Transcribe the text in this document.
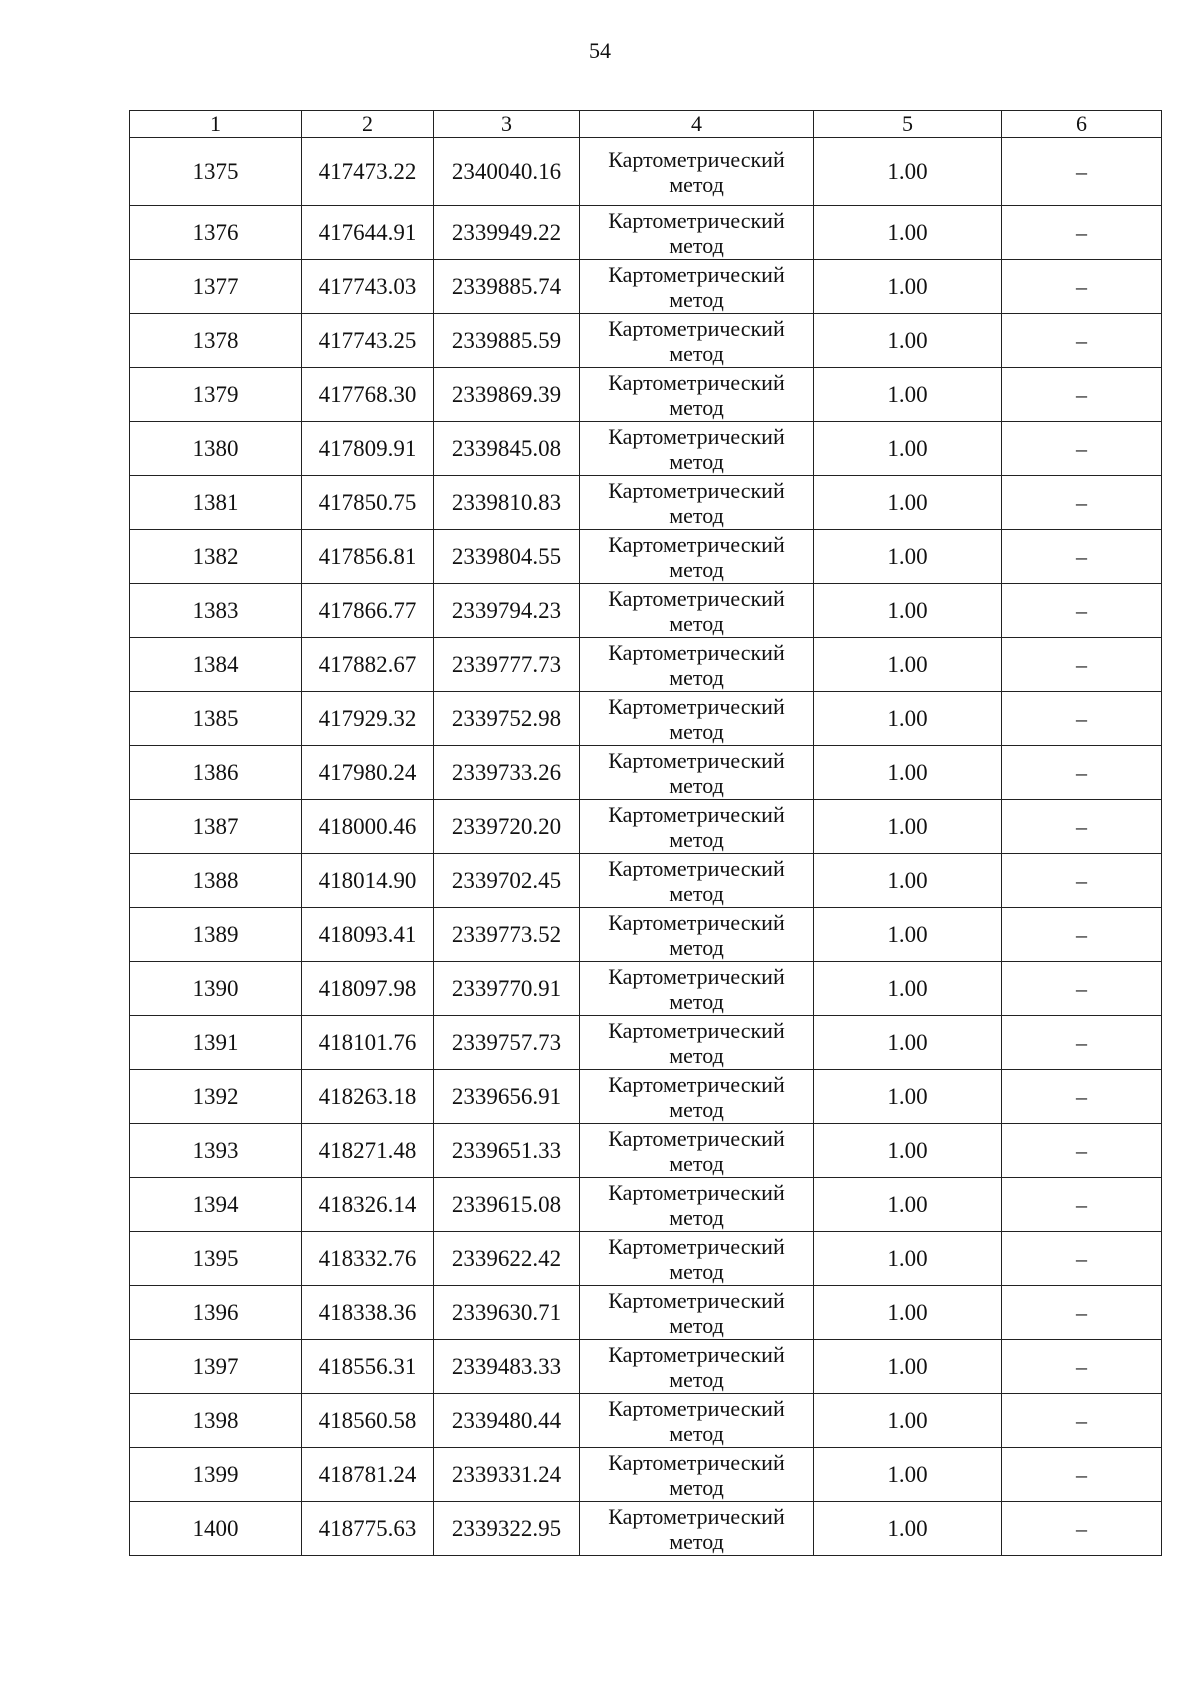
54
1	2	3	4	5	6
1375	417473.22	2340040.16	Картометрический
метод	1.00	–
1376	417644.91	2339949.22	Картометрический
метод	1.00	–
1377	417743.03	2339885.74	Картометрический
метод	1.00	–
1378	417743.25	2339885.59	Картометрический
метод	1.00	–
1379	417768.30	2339869.39	Картометрический
метод	1.00	–
1380	417809.91	2339845.08	Картометрический
метод	1.00	–
1381	417850.75	2339810.83	Картометрический
метод	1.00	–
1382	417856.81	2339804.55	Картометрический
метод	1.00	–
1383	417866.77	2339794.23	Картометрический
метод	1.00	–
1384	417882.67	2339777.73	Картометрический
метод	1.00	–
1385	417929.32	2339752.98	Картометрический
метод	1.00	–
1386	417980.24	2339733.26	Картометрический
метод	1.00	–
1387	418000.46	2339720.20	Картометрический
метод	1.00	–
1388	418014.90	2339702.45	Картометрический
метод	1.00	–
1389	418093.41	2339773.52	Картометрический
метод	1.00	–
1390	418097.98	2339770.91	Картометрический
метод	1.00	–
1391	418101.76	2339757.73	Картометрический
метод	1.00	–
1392	418263.18	2339656.91	Картометрический
метод	1.00	–
1393	418271.48	2339651.33	Картометрический
метод	1.00	–
1394	418326.14	2339615.08	Картометрический
метод	1.00	–
1395	418332.76	2339622.42	Картометрический
метод	1.00	–
1396	418338.36	2339630.71	Картометрический
метод	1.00	–
1397	418556.31	2339483.33	Картометрический
метод	1.00	–
1398	418560.58	2339480.44	Картометрический
метод	1.00	–
1399	418781.24	2339331.24	Картометрический
метод	1.00	–
1400	418775.63	2339322.95	Картометрический
метод	1.00	–
